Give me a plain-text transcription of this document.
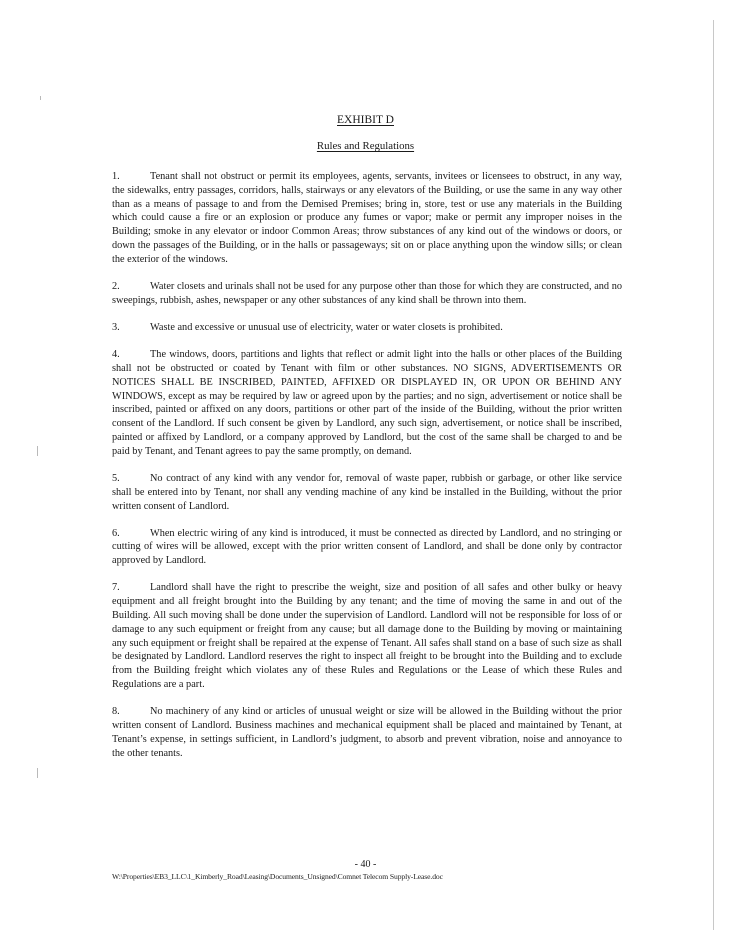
EXHIBIT D
Rules and Regulations

1.	Tenant shall not obstruct or permit its employees, agents, servants, invitees or licensees to obstruct, in any way, the sidewalks, entry passages, corridors, halls, stairways or any elevators of the Building, or use the same in any way other than as a means of passage to and from the Demised Premises; bring in, store, test or use any materials in the Building which could cause a fire or an explosion or produce any fumes or vapor; make or permit any improper noises in the Building; smoke in any elevator or indoor Common Areas; throw substances of any kind out of the windows or doors, or down the passages of the Building, or in the halls or passageways; sit on or place anything upon the window sills; or clean the exterior of the windows.

2.	Water closets and urinals shall not be used for any purpose other than those for which they are constructed, and no sweepings, rubbish, ashes, newspaper or any other substances of any kind shall be thrown into them.

3.	Waste and excessive or unusual use of electricity, water or water closets is prohibited.

4.	The windows, doors, partitions and lights that reflect or admit light into the halls or other places of the Building shall not be obstructed or coated by Tenant with film or other substances. NO SIGNS, ADVERTISEMENTS OR NOTICES SHALL BE INSCRIBED, PAINTED, AFFIXED OR DISPLAYED IN, OR UPON OR BEHIND ANY WINDOWS, except as may be required by law or agreed upon by the parties; and no sign, advertisement or notice shall be inscribed, painted or affixed on any doors, partitions or other part of the inside of the Building, without the prior written consent of the Landlord. If such consent be given by Landlord, any such sign, advertisement, or notice shall be inscribed, painted or affixed by Landlord, or a company approved by Landlord, but the cost of the same shall be charged to and be paid by Tenant, and Tenant agrees to pay the same promptly, on demand.

5.	No contract of any kind with any vendor for, removal of waste paper, rubbish or garbage, or other like service shall be entered into by Tenant, nor shall any vending machine of any kind be installed in the Building, without the prior written consent of Landlord.

6.	When electric wiring of any kind is introduced, it must be connected as directed by Landlord, and no stringing or cutting of wires will be allowed, except with the prior written consent of Landlord, and shall be done only by contractor approved by Landlord.

7.	Landlord shall have the right to prescribe the weight, size and position of all safes and other bulky or heavy equipment and all freight brought into the Building by any tenant; and the time of moving the same in and out of the Building. All such moving shall be done under the supervision of Landlord. Landlord will not be responsible for loss of or damage to any such equipment or freight from any cause; but all damage done to the Building by moving or maintaining any such equipment or freight shall be repaired at the expense of Tenant. All safes shall stand on a base of such size as shall be designated by Landlord. Landlord reserves the right to inspect all freight to be brought into the Building and to exclude from the Building freight which violates any of these Rules and Regulations or the Lease of which these Rules and Regulations are a part.

8.	No machinery of any kind or articles of unusual weight or size will be allowed in the Building without the prior written consent of Landlord. Business machines and mechanical equipment shall be placed and maintained by Tenant, at Tenant’s expense, in settings sufficient, in Landlord’s judgment, to absorb and prevent vibration, noise and annoyance to the other tenants.

- 40 -
W:\Properties\EB3_LLC\1_Kimberly_Road\Leasing\Documents_Unsigned\Comnet Telecom Supply-Lease.doc
